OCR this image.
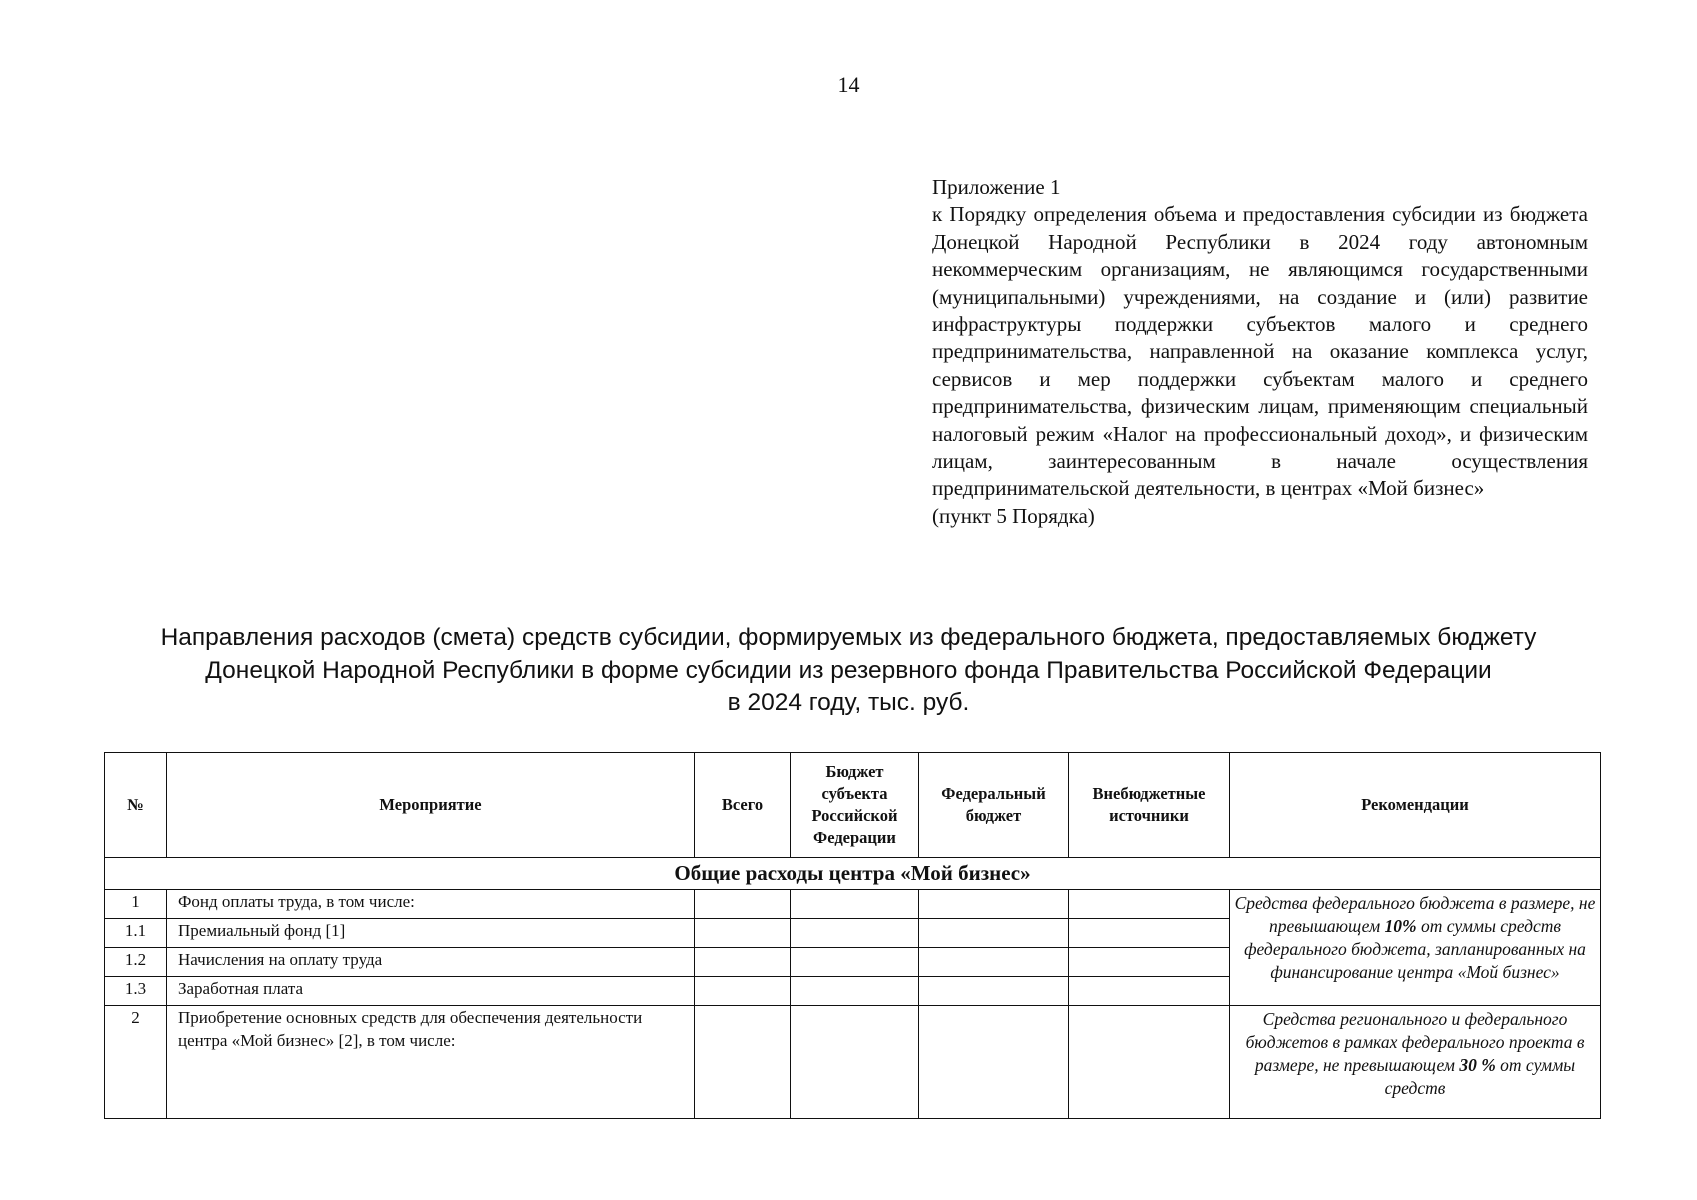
14
Приложение 1
к Порядку определения объема и предоставления субсидии из бюджета Донецкой Народной Республики в 2024 году автономным некоммерческим организациям, не являющимся государственными (муниципальными) учреждениями, на создание и (или) развитие инфраструктуры поддержки субъектов малого и среднего предпринимательства, направленной на оказание комплекса услуг, сервисов и мер поддержки субъектам малого и среднего предпринимательства, физическим лицам, применяющим специальный налоговый режим «Налог на профессиональный доход», и физическим лицам, заинтересованным в начале осуществления предпринимательской деятельности, в центрах «Мой бизнес»
(пункт 5 Порядка)
Направления расходов (смета) средств субсидии, формируемых из федерального бюджета, предоставляемых бюджету
Донецкой Народной Республики в форме субсидии из резервного фонда Правительства Российской Федерации
в 2024 году, тыс. руб.
№	Мероприятие	Всего	Бюджет субъекта Российской Федерации	Федеральный бюджет	Внебюджетные источники	Рекомендации
Общие расходы центра «Мой бизнес»						
1	Фонд оплаты труда, в том числе:					Средства федерального бюджета в размере, не превышающем 10% от суммы средств федерального бюджета, запланированных на финансирование центра «Мой бизнес»
1.1	Премиальный фонд [1]					
1.2	Начисления на оплату труда					
1.3	Заработная плата					
2	Приобретение основных средств для обеспечения деятельности центра «Мой бизнес» [2], в том числе:					Средства регионального и федерального бюджетов в рамках федерального проекта в размере, не превышающем 30 % от суммы средств
